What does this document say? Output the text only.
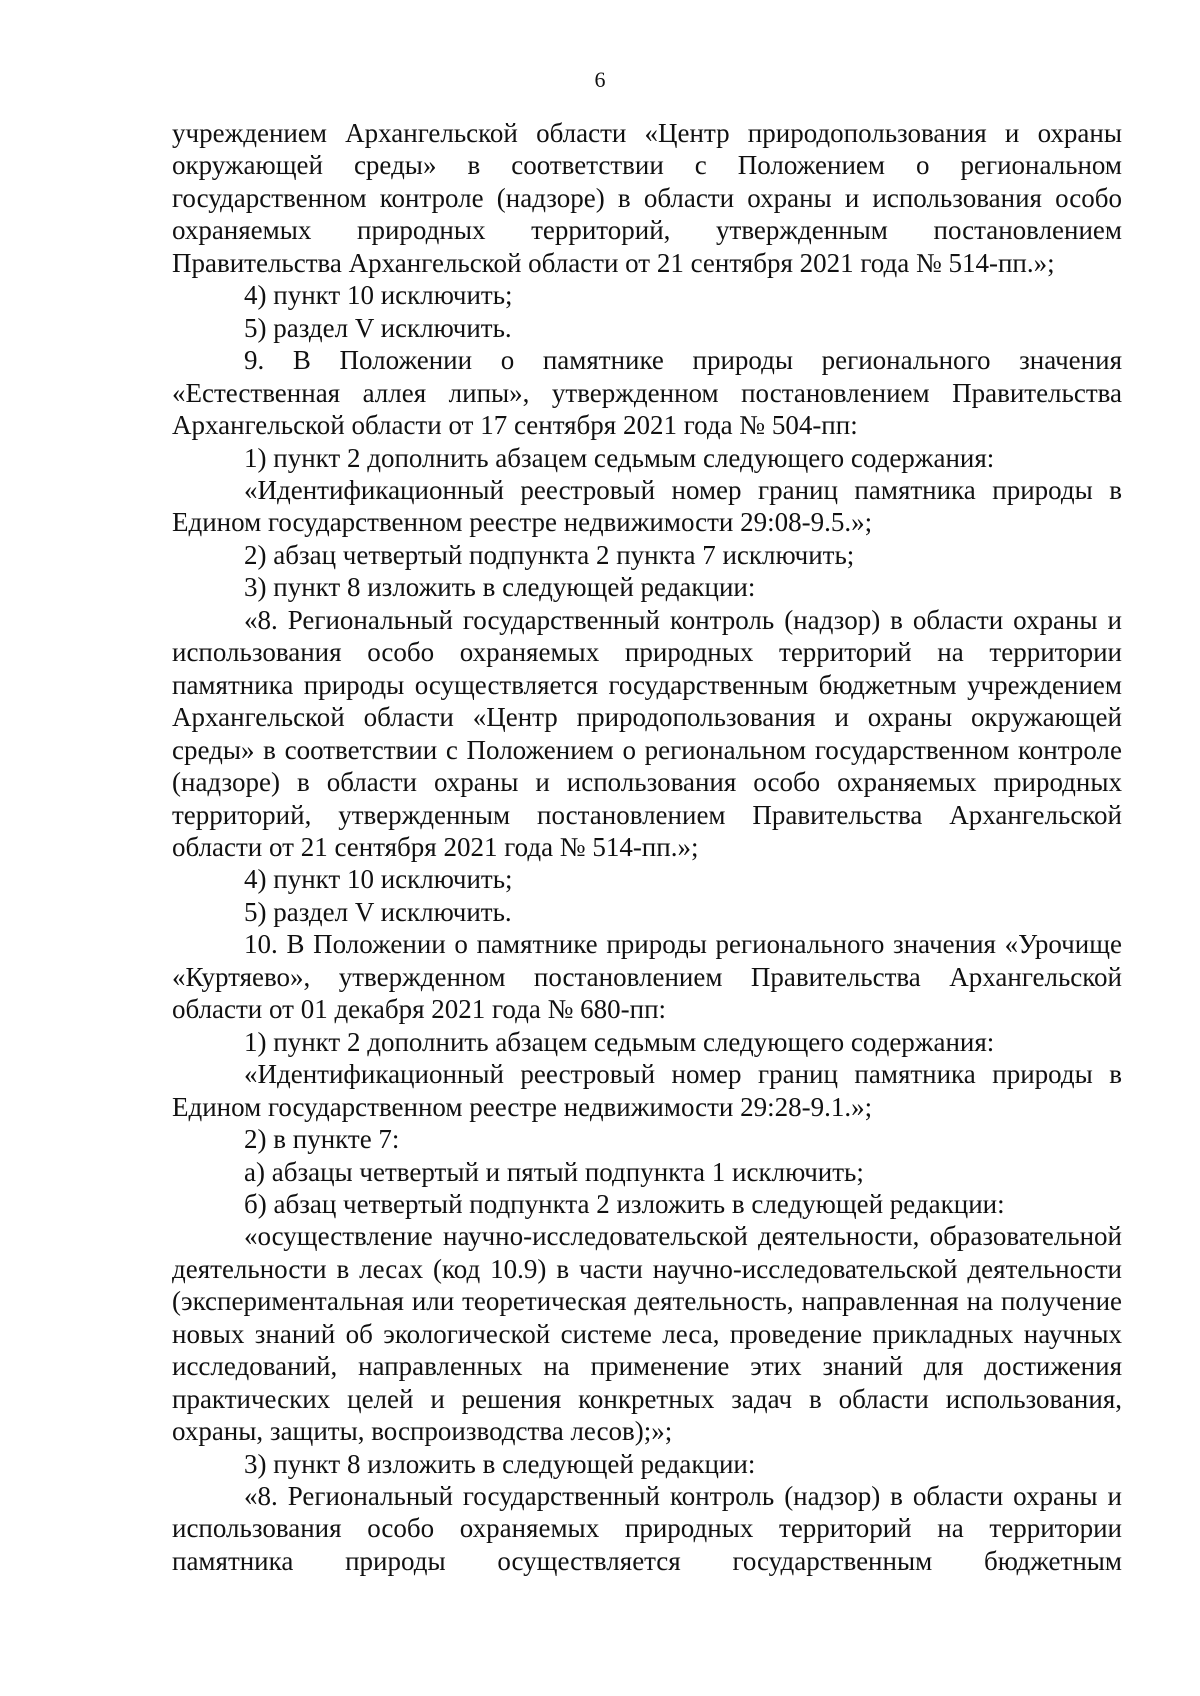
6

учреждением Архангельской области «Центр природопользования и охраны окружающей среды» в соответствии с Положением о региональном государственном контроле (надзоре) в области охраны и использования особо охраняемых природных территорий, утвержденным постановлением Правительства Архангельской области от 21 сентября 2021 года № 514-пп.»;

4) пункт 10 исключить;

5) раздел V исключить.

9. В Положении о памятнике природы регионального значения «Естественная аллея липы», утвержденном постановлением Правительства Архангельской области от 17 сентября 2021 года № 504-пп:

1) пункт 2 дополнить абзацем седьмым следующего содержания:

«Идентификационный реестровый номер границ памятника природы в Едином государственном реестре недвижимости 29:08-9.5.»;

2) абзац четвертый подпункта 2 пункта 7 исключить;

3) пункт 8 изложить в следующей редакции:

«8. Региональный государственный контроль (надзор) в области охраны и использования особо охраняемых природных территорий на территории памятника природы осуществляется государственным бюджетным учреждением Архангельской области «Центр природопользования и охраны окружающей среды» в соответствии с Положением о региональном государственном контроле (надзоре) в области охраны и использования особо охраняемых природных территорий, утвержденным постановлением Правительства Архангельской области от 21 сентября 2021 года № 514-пп.»;

4) пункт 10 исключить;

5) раздел V исключить.

10. В Положении о памятнике природы регионального значения «Урочище «Куртяево», утвержденном постановлением Правительства Архангельской области от 01 декабря 2021 года № 680-пп:

1) пункт 2 дополнить абзацем седьмым следующего содержания:

«Идентификационный реестровый номер границ памятника природы в Едином государственном реестре недвижимости 29:28-9.1.»;

2) в пункте 7:

а) абзацы четвертый и пятый подпункта 1 исключить;

б) абзац четвертый подпункта 2 изложить в следующей редакции:

«осуществление научно-исследовательской деятельности, образовательной деятельности в лесах (код 10.9) в части научно-исследовательской деятельности (экспериментальная или теоретическая деятельность, направленная на получение новых знаний об экологической системе леса, проведение прикладных научных исследований, направленных на применение этих знаний для достижения практических целей и решения конкретных задач в области использования, охраны, защиты, воспроизводства лесов);»;

3) пункт 8 изложить в следующей редакции:

«8. Региональный государственный контроль (надзор) в области охраны и использования особо охраняемых природных территорий на территории памятника природы осуществляется государственным бюджетным
